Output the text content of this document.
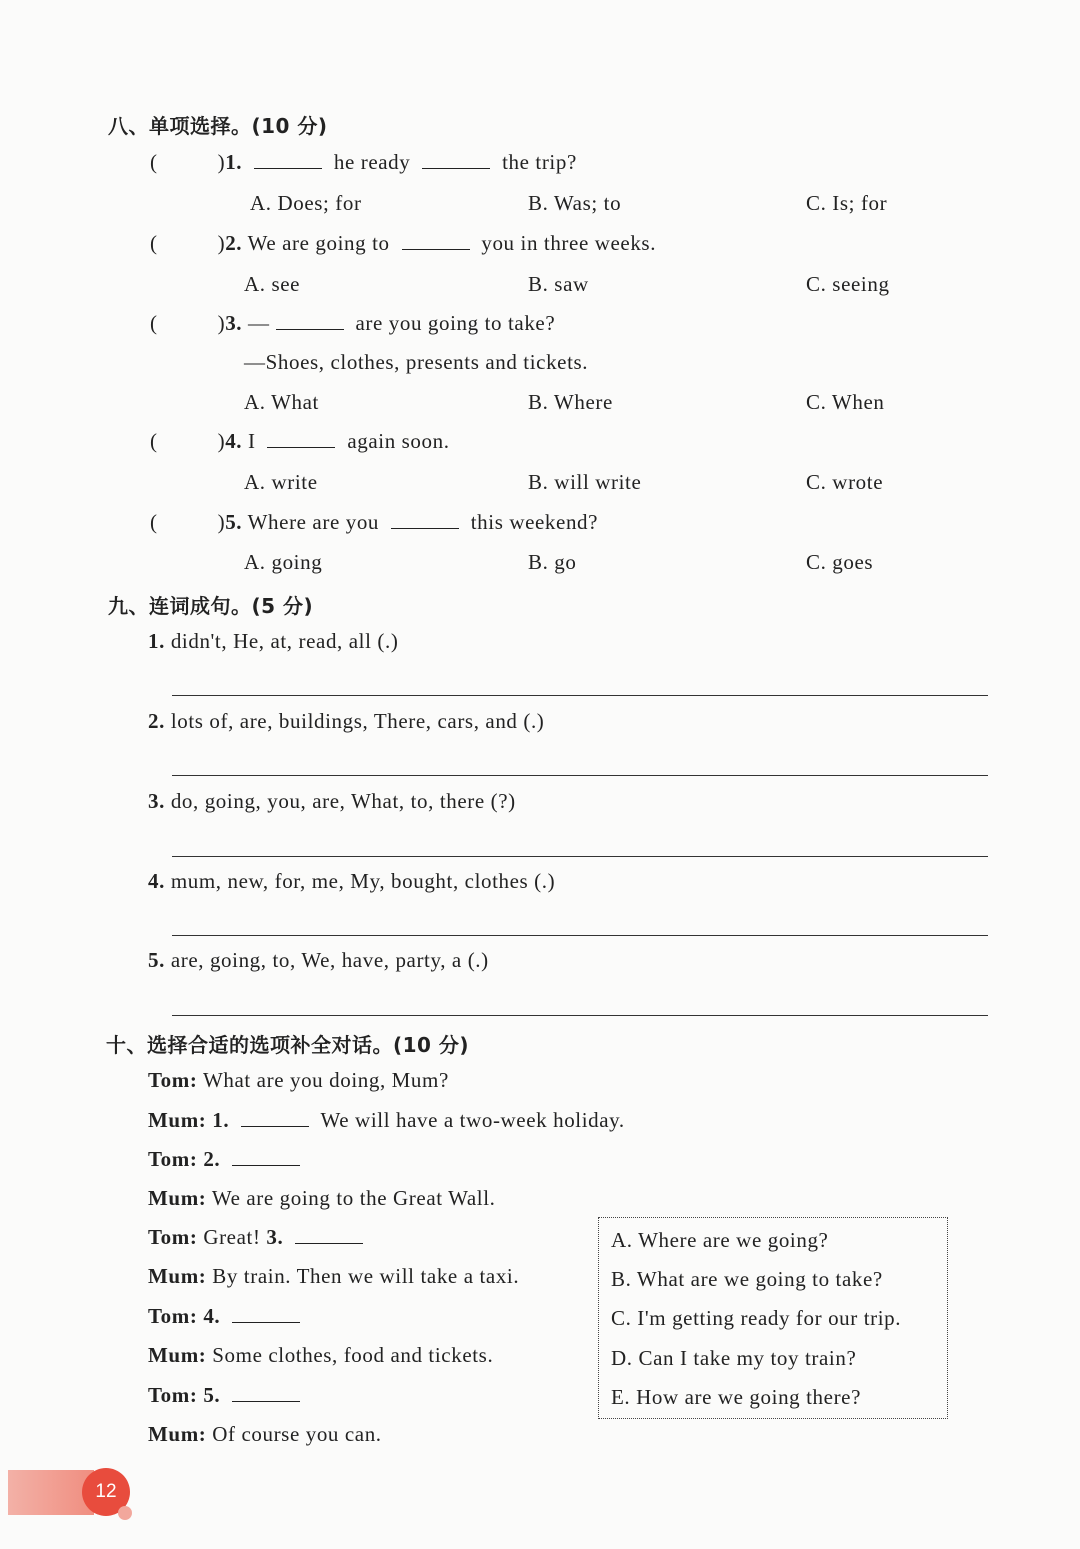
八、单项选择。(10 分)
(	)1.	he ready	the trip?
A. Does; for	B. Was; to	C. Is; for
(	)2. We are going to	you in three weeks.
A. see	B. saw	C. seeing
(	)3. —	are you going to take?
—Shoes, clothes, presents and tickets.
A. What	B. Where	C. When
(	)4. I	again soon.
A. write	B. will write	C. wrote
(	)5. Where are you	this weekend?
A. going	B. go	C. goes
九、连词成句。(5 分)
1. didn't, He, at, read, all (.)
2. lots of, are, buildings, There, cars, and (.)
3. do, going, you, are, What, to, there (?)
4. mum, new, for, me, My, bought, clothes (.)
5. are, going, to, We, have, party, a (.)
十、选择合适的选项补全对话。(10 分)
Tom: What are you doing, Mum?
Mum: 1.	We will have a two-week holiday.
Tom: 2.
Mum: We are going to the Great Wall.
Tom: Great! 3.
Mum: By train. Then we will take a taxi.
Tom: 4.
Mum: Some clothes, food and tickets.
Tom: 5.
Mum: Of course you can.
A. Where are we going?
B. What are we going to take?
C. I'm getting ready for our trip.
D. Can I take my toy train?
E. How are we going there?
12
